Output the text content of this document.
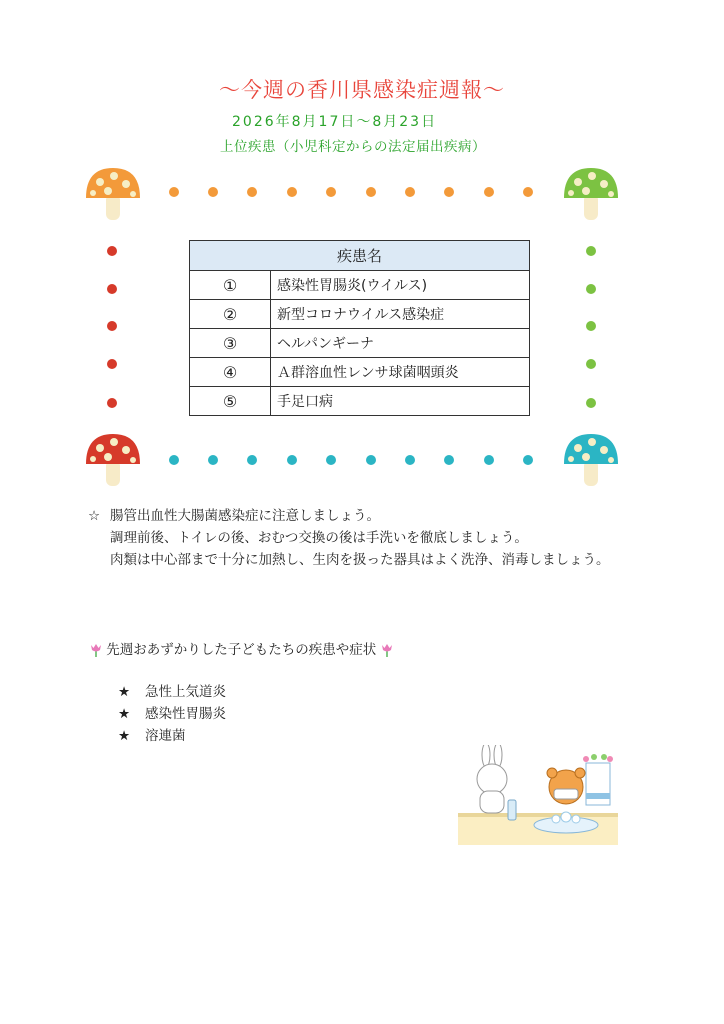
〜今週の香川県感染症週報〜
2026年8月17日〜8月23日
上位疾患（小児科定からの法定届出疾病）
疾患名	
①	感染性胃腸炎(ウイルス)
②	新型コロナウイルス感染症
③	ヘルパンギーナ
④	Ａ群溶血性レンサ球菌咽頭炎
⑤	手足口病
☆ 腸管出血性大腸菌感染症に注意しましょう。
調理前後、トイレの後、おむつ交換の後は手洗いを徹底しましょう。
肉類は中心部まで十分に加熱し、生肉を扱った器具はよく洗浄、消毒しましょう。
先週おあずかりした子どもたちの疾患や症状
★ 急性上気道炎
★ 感染性胃腸炎
★ 溶連菌
